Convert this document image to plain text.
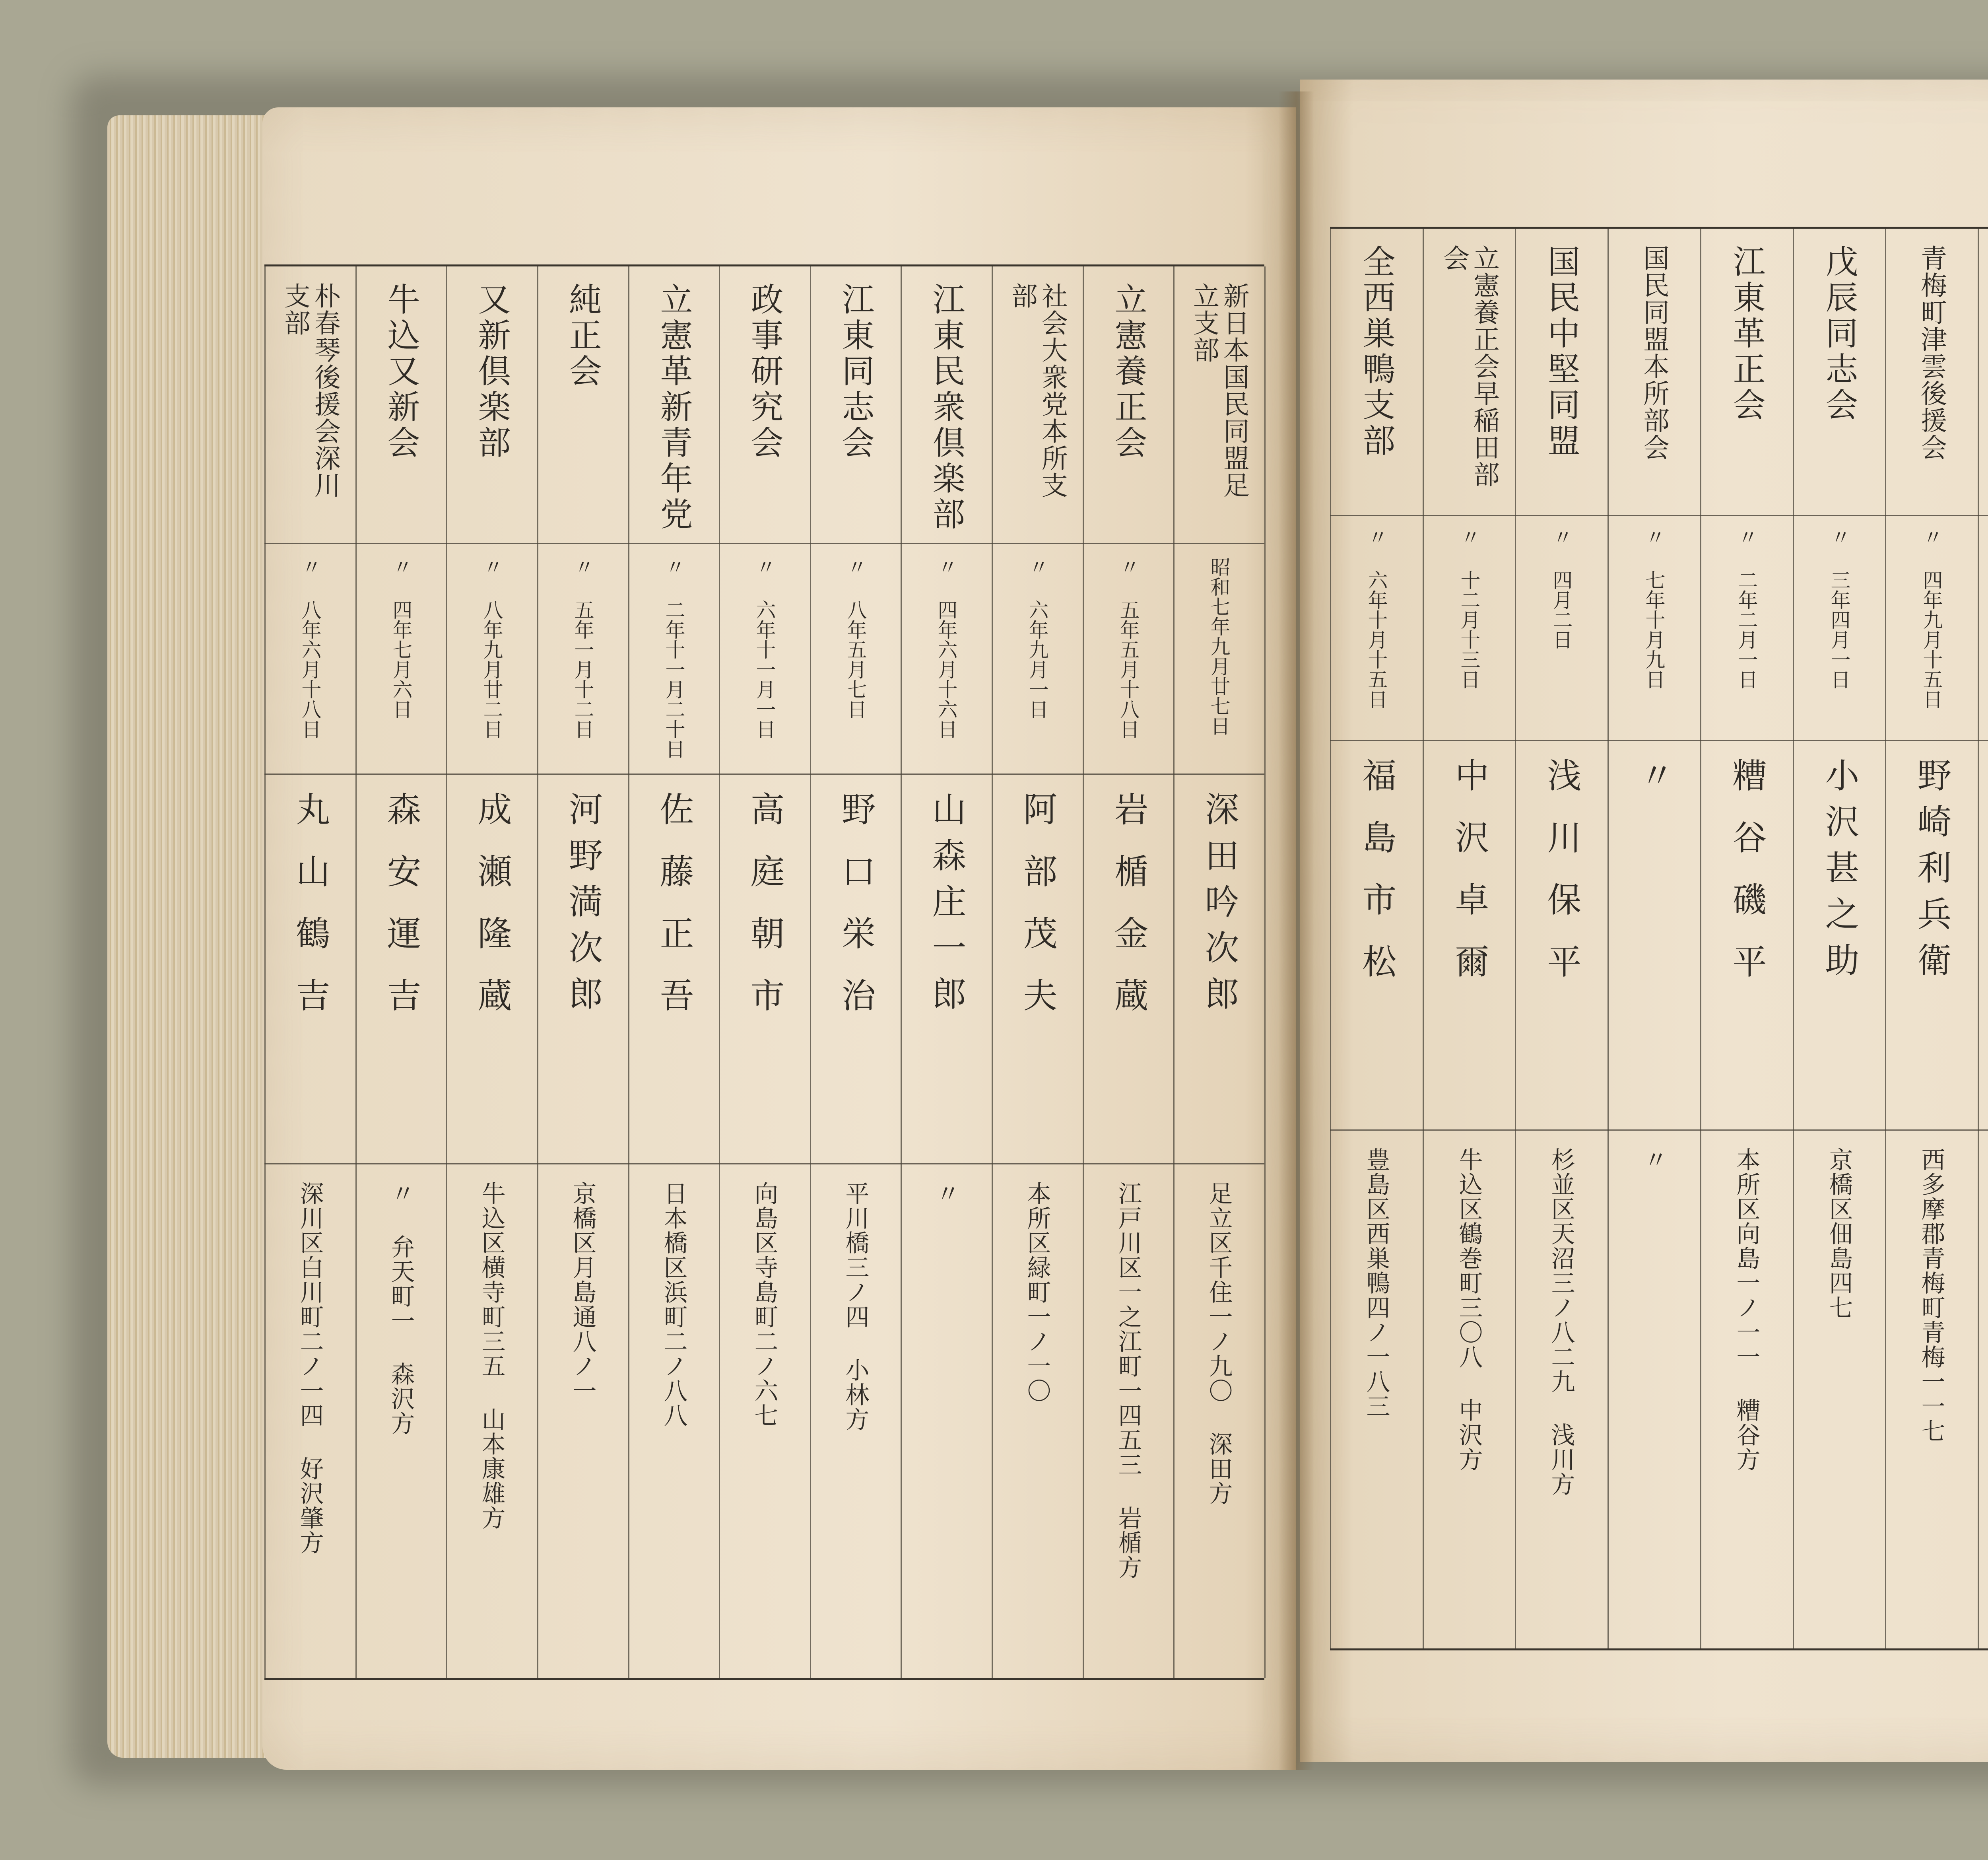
新日本国民同盟足立支部
昭和七年九月廿七日
深田吟次郎
足立区千住一ノ九〇 深田方
立憲養正会
〃 五年五月十八日
岩楯金蔵
江戸川区一之江町一四五三 岩楯方
社会大衆党本所支部
〃 六年九月一日
阿部茂夫
本所区緑町一ノ一〇
江東民衆倶楽部
〃 四年六月十六日
山森庄一郎
〃
江東同志会
〃 八年五月七日
野口栄治
平川橋三ノ四 小林方
政事研究会
〃 六年十一月一日
高庭朝市
向島区寺島町二ノ六七
立憲革新青年党
〃 二年十一月二十日
佐藤正吾
日本橋区浜町二ノ八八
純正会
〃 五年一月十二日
河野満次郎
京橋区月島通八ノ一
又新倶楽部
〃 八年九月廿二日
成瀬隆蔵
牛込区横寺町三五 山本康雄方
牛込又新会
〃 四年七月六日
森安運吉
〃 弁天町一 森沢方
朴春琴後援会深川支部
〃 八年六月十八日
丸山鶴吉
深川区白川町二ノ一四 好沢肇方
青梅町津雲後援会
〃 四年九月十五日
野崎利兵衛
西多摩郡青梅町青梅一一七
戊辰同志会
〃 三年四月一日
小沢甚之助
京橋区佃島四七
江東革正会
〃 二年二月一日
糟谷磯平
本所区向島一ノ一一 糟谷方
国民同盟本所部会
〃 七年十月九日
〃
〃
国民中堅同盟
〃 四月二日
浅川保平
杉並区天沼三ノ八二九 浅川方
立憲養正会早稲田部会
〃 十二月十三日
中沢卓爾
牛込区鶴巻町三〇八 中沢方
全西巣鴨支部
〃 六年十月十五日
福島市松
豊島区西巣鴨四ノ一八三
